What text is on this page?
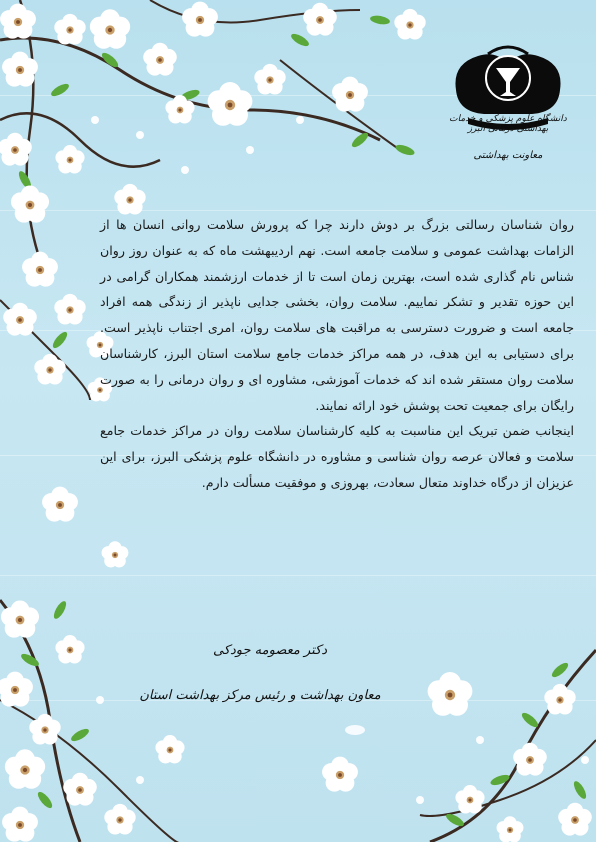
دانشگاه علوم پزشکی و خدمات بهداشتی درمانی البرز
معاونت بهداشتی

روان شناسان رسالتی بزرگ بر دوش دارند چرا که پرورش سلامت روانی انسان ها از الزامات بهداشت عمومی و سلامت جامعه است. نهم اردیبهشت ماه که به عنوان روز روان شناس نام گذاری شده است، بهترین زمان است تا از خدمات ارزشمند همکاران گرامی در این حوزه تقدیر و تشکر نماییم. سلامت روان، بخشی جدایی ناپذیر از زندگی همه افراد جامعه است و ضرورت دسترسی به مراقبت های سلامت روان، امری اجتناب ناپذیر است. برای دستیابی به این هدف، در همه مراکز خدمات جامع سلامت استان البرز، کارشناسان سلامت روان مستقر شده اند که خدمات آموزشی، مشاوره ای و روان درمانی را به صورت رایگان برای جمعیت تحت پوشش خود ارائه نمایند.

اینجانب ضمن تبریک این مناسبت به کلیه کارشناسان سلامت روان در مراکز خدمات جامع سلامت و فعالان عرصه روان شناسی و مشاوره در دانشگاه علوم پزشکی البرز، برای این عزیزان از درگاه خداوند متعال سعادت، بهروزی و موفقیت مسألت دارم.

دکتر معصومه جودکی
معاون بهداشت و رئیس مرکز بهداشت استان
